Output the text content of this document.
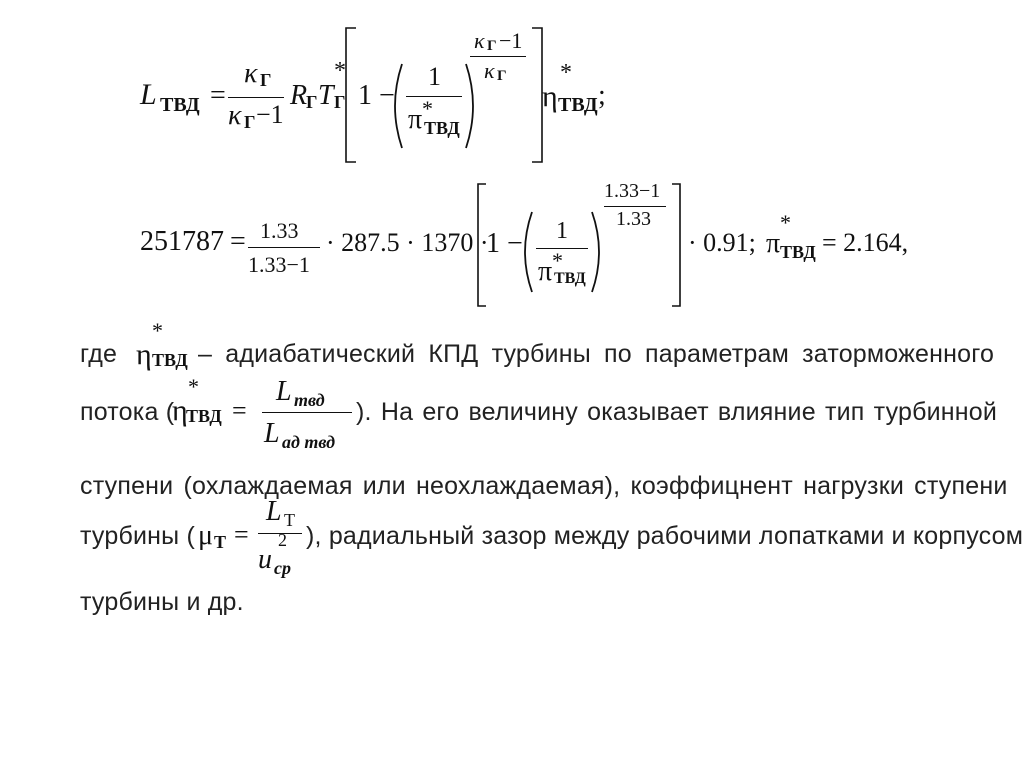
L ТВД =
κ Г
κ Г −1
R
Г T
*
Г 1 −
1
π *
ТВД
κ Г −1
κ Г
η
*
ТВД ;
251787 = 1.33
1.33−1
· 287.5 · 1370 ·
1 − 1
π *
ТВД
1.33−1
1.33
· 0.91; π
*
ТВД = 2.164,
где η
*
ТВД – адиабатический КПД турбины по параметрам заторможенного
потока (
η
*
ТВД =
L твд
L ад твд
). На его величину оказывает влияние тип турбинной
ступени (охлаждаемая или неохлаждаемая), коэффицнент нагрузки ступени
турбины ( μ T =
L T
u
2
ср
), радиальный зазор между рабочими лопатками и корпусом
турбины и др.
